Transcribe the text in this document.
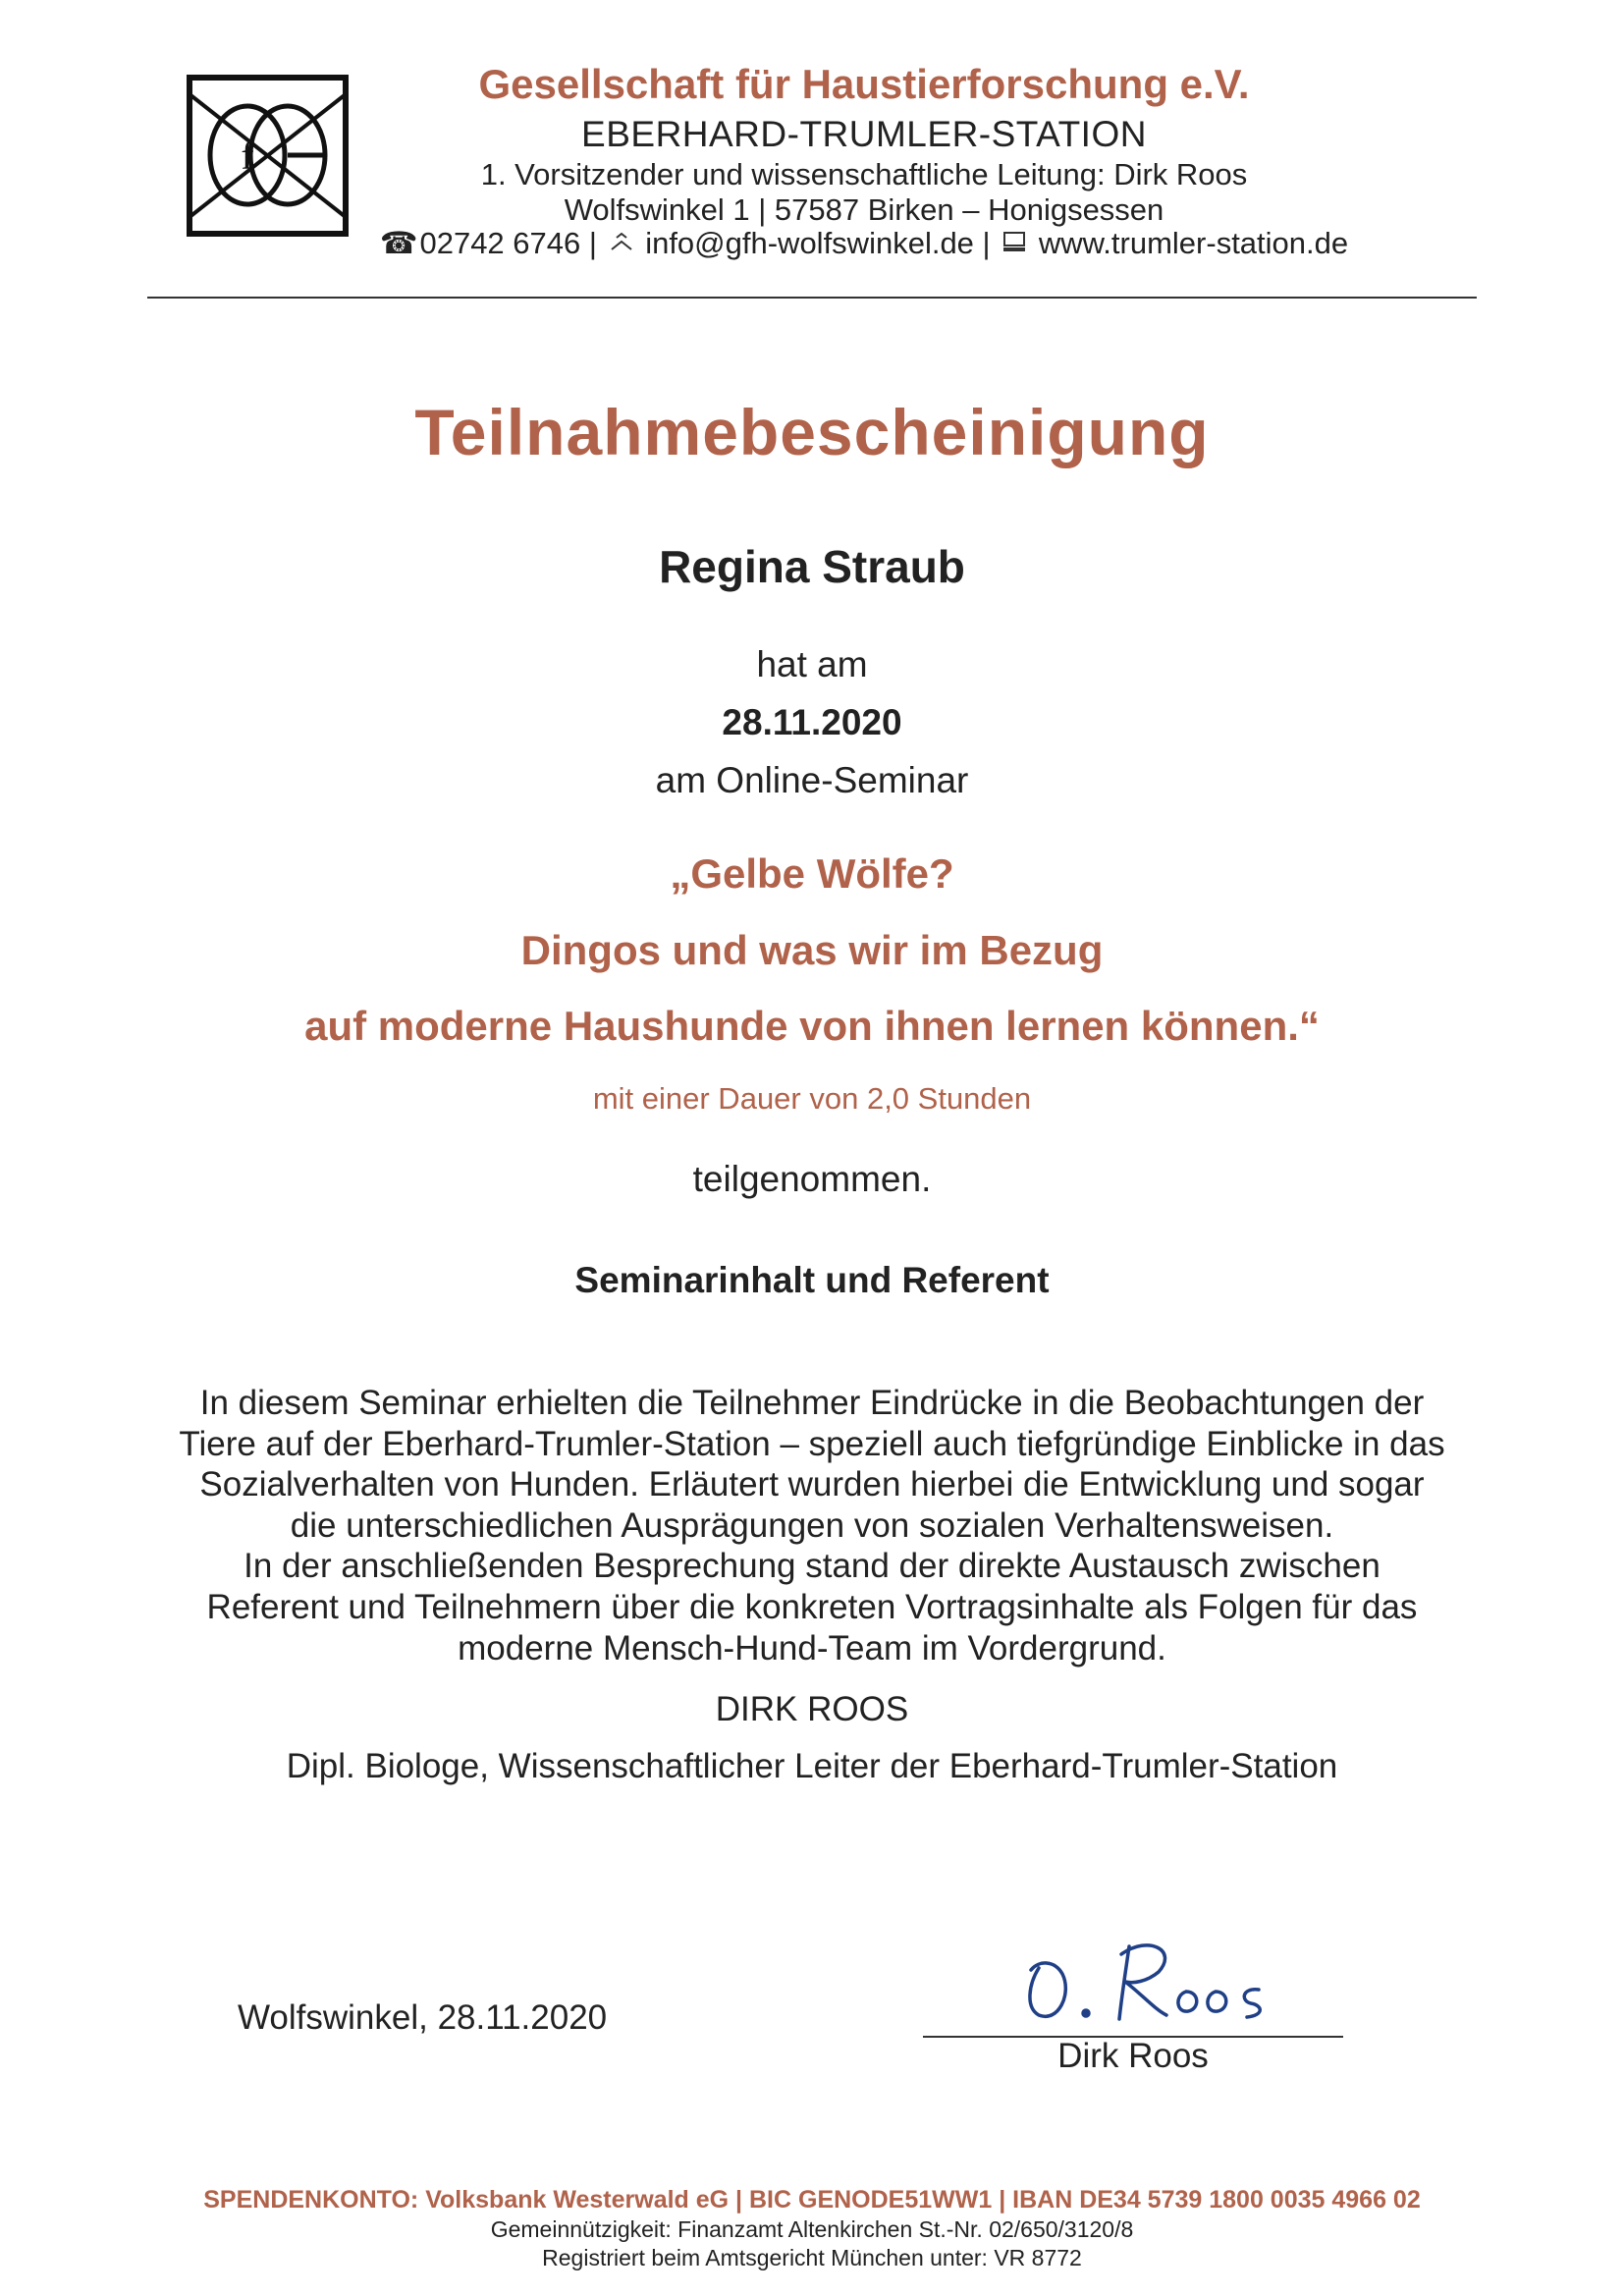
f
Gesellschaft für Haustierforschung e.V.
EBERHARD-TRUMLER-STATION
1. Vorsitzender und wissenschaftliche Leitung: Dirk Roos
Wolfswinkel 1 | 57587 Birken – Honigsessen
☎ 02742 6746 | info@gfh-wolfswinkel.de | www.trumler-station.de
Teilnahmebescheinigung
Regina Straub
hat am
28.11.2020
am Online-Seminar
„Gelbe Wölfe?
Dingos und was wir im Bezug
auf moderne Haushunde von ihnen lernen können.“
mit einer Dauer von 2,0 Stunden
teilgenommen.
Seminarinhalt und Referent
In diesem Seminar erhielten die Teilnehmer Eindrücke in die Beobachtungen der
Tiere auf der Eberhard-Trumler-Station – speziell auch tiefgründige Einblicke in das
Sozialverhalten von Hunden. Erläutert wurden hierbei die Entwicklung und sogar
die unterschiedlichen Ausprägungen von sozialen Verhaltensweisen.
In der anschließenden Besprechung stand der direkte Austausch zwischen
Referent und Teilnehmern über die konkreten Vortragsinhalte als Folgen für das
moderne Mensch-Hund-Team im Vordergrund.
DIRK ROOS
Dipl. Biologe, Wissenschaftlicher Leiter der Eberhard-Trumler-Station
Wolfswinkel, 28.11.2020
Dirk Roos
SPENDENKONTO: Volksbank Westerwald eG | BIC GENODE51WW1 | IBAN DE34 5739 1800 0035 4966 02
Gemeinnützigkeit: Finanzamt Altenkirchen St.-Nr. 02/650/3120/8
Registriert beim Amtsgericht München unter: VR 8772
